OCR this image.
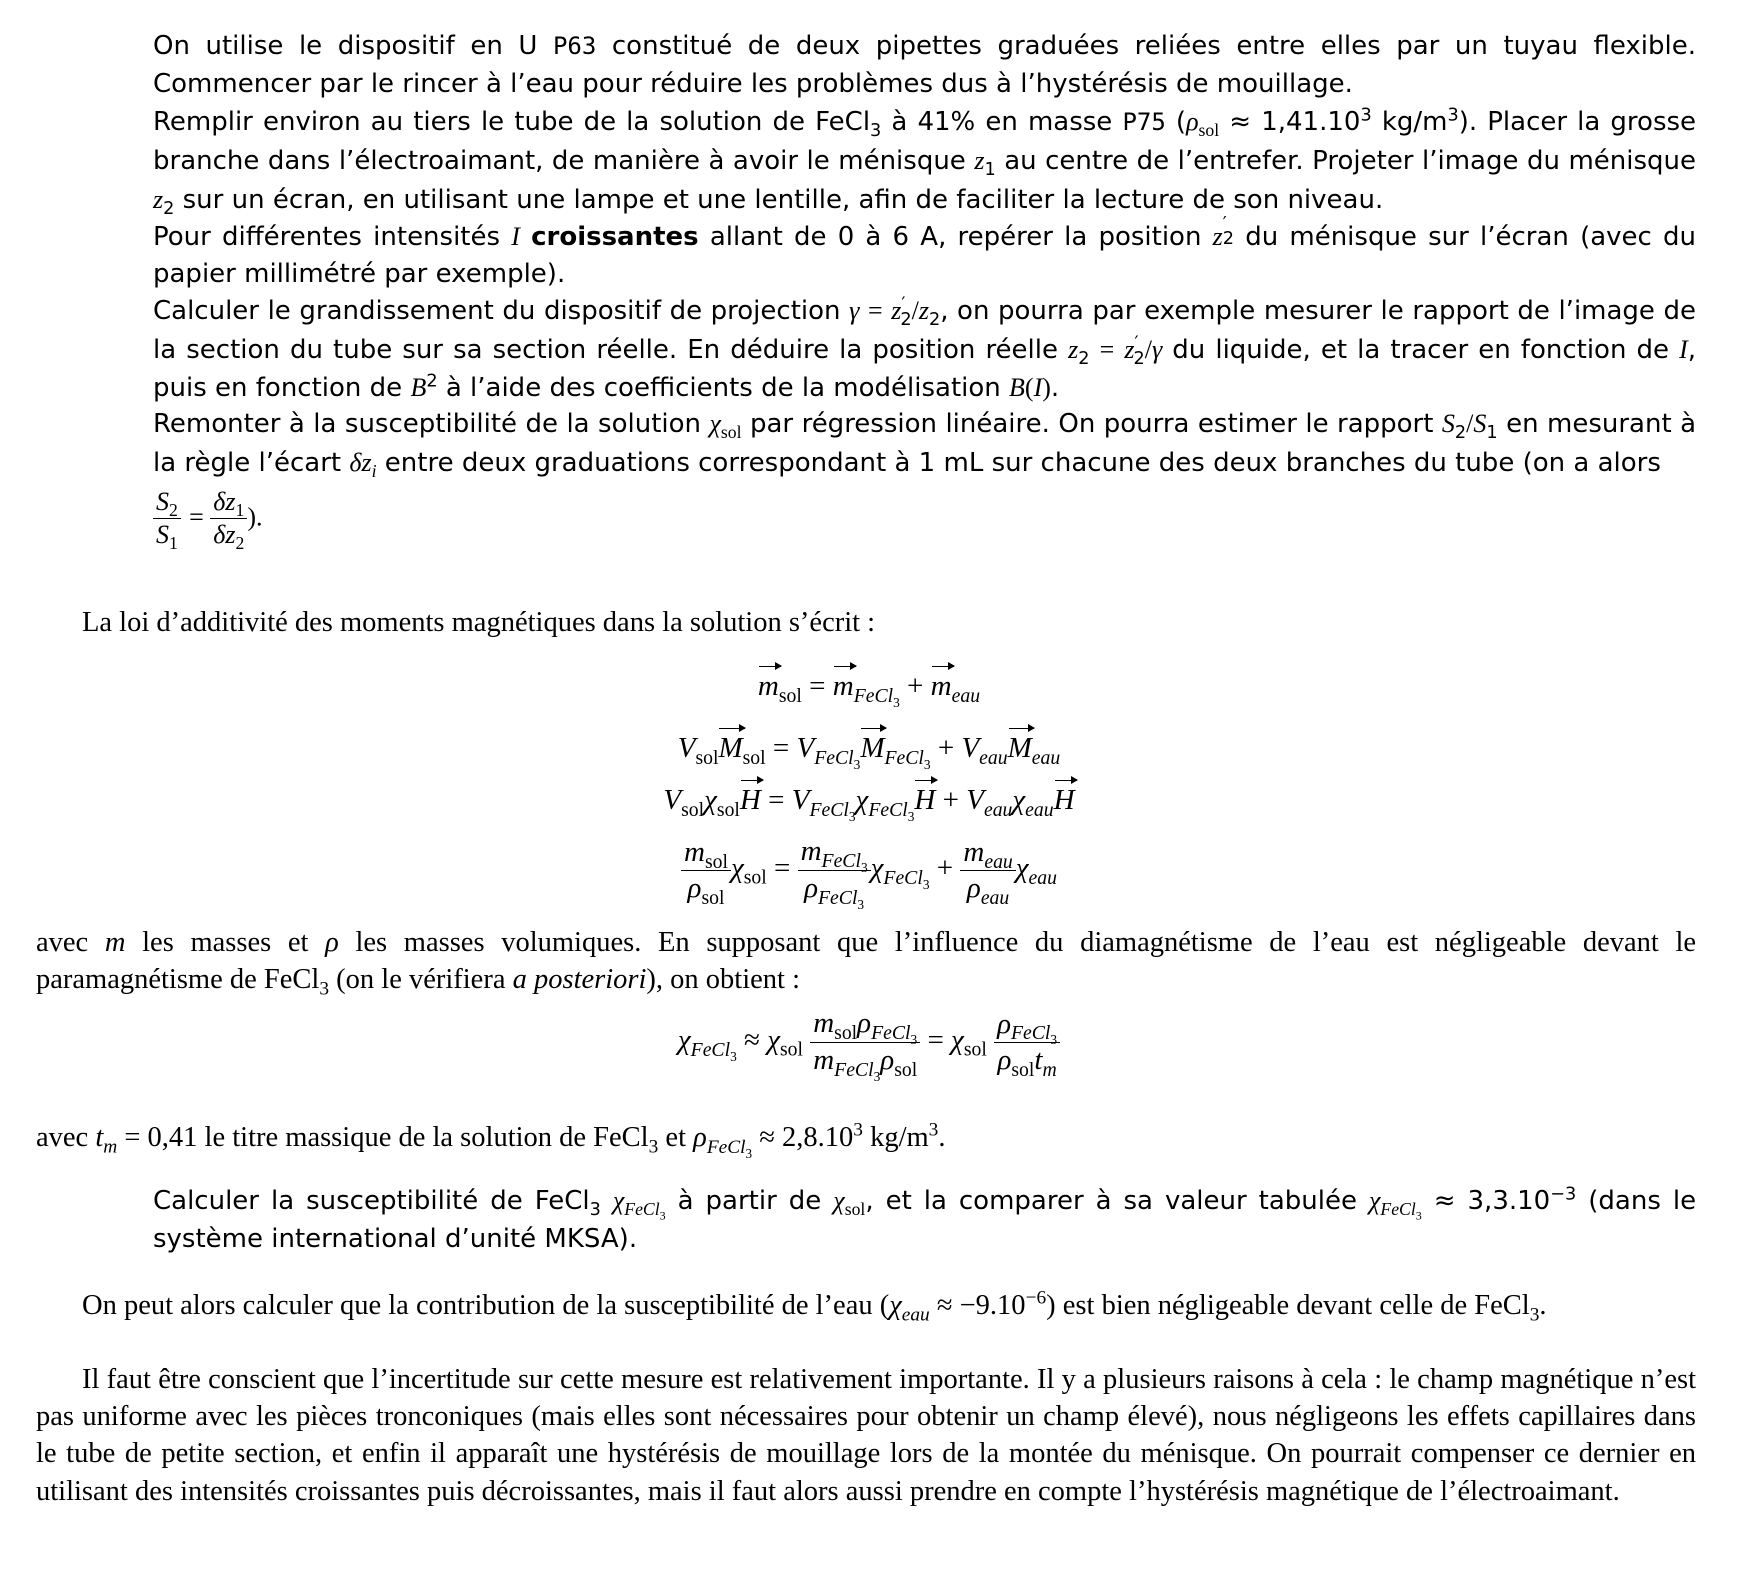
On utilise le dispositif en U P63 constitué de deux pipettes graduées reliées entre elles par un tuyau flexible. Commencer par le rincer à l’eau pour réduire les problèmes dus à l’hystérésis de mouillage.
Remplir environ au tiers le tube de la solution de FeCl$_3$ à 41% en masse P75 ($\rho_{sol} \approx 1,41.10^3$ $kg/m^3$). Placer la grosse branche dans l’électroaimant, de manière à avoir le ménisque $z_1$ au centre de l’entrefer. Projeter l’image du ménisque $z_2$ sur un écran, en utilisant une lampe et une lentille, afin de faciliter la lecture de son niveau.
Pour différentes intensités I croissantes allant de 0 à 6 A, repérer la position z ′
2 du ménisque sur l’écran (avec du papier millimétré par exemple).
Calculer le grandissement du dispositif de projection $\gamma = z'_2/z_2$, on pourra par exemple mesurer le rapport de l’image de la section du tube sur sa section réelle. En déduire la position réelle $z_2 = z'_2/\gamma$ du liquide, et la tracer en fonction de I, puis en fonction de $B^2$ à l’aide des coefficients de la modélisation B(I).
Remonter à la susceptibilité de la solution $\chi_{sol}$ par régression linéaire. On pourra estimer le rapport $S_2/S_1$ en mesurant à la règle l’écart $\delta z_i$ entre deux graduations correspondant à 1 mL sur chacune des deux branches du tube (on a alors

$\frac{S_2}{S_1} = \frac{\delta z_1}{\delta z_2}$ ).
La loi d’additivité des moments magnétiques dans la solution s’écrit :
$m_{sol} = m_{FeCl_3} + m_{eau}$
$V_{sol}M_{sol} = V_{FeCl_3}M_{FeCl_3} + V_{eau}M_{eau}$
$V_{sol}\chi_{sol}H = V_{FeCl_3}\chi_{FeCl_3}H + V_{eau}\chi_{eau}H$
$\frac{m_{sol}}{\rho_{sol}} \chi_{sol} = \frac{m_{FeCl_3}}{\rho_{FeCl_3}} \chi_{FeCl_3} + \frac{m_{eau}}{\rho_{eau}} \chi_{eau}$
avec m les masses et ρ les masses volumiques. En supposant que l’influence du diamagnétisme de l’eau est négligeable devant le paramagnétisme de FeCl$_3$ (on le vérifiera a posteriori), on obtient :
$\chi_{FeCl_3} \approx \chi_{sol} \frac{m_{sol}\rho_{FeCl_3}}{m_{FeCl_3}\rho_{sol}} = \chi_{sol} \frac{\rho_{FeCl_3}}{\rho_{sol}t_m}$
avec $t_m = 0,41$ le titre massique de la solution de FeCl$_3$ et $\rho_{FeCl_3} \approx 2,8.10^3$ $kg/m^3$.
Calculer la susceptibilité de FeCl$_3$ $\chi_{FeCl_3}$ à partir de $\chi_{sol}$, et la comparer à sa valeur tabulée $\chi_{FeCl_3} \approx 3,3.10^{-3}$ (dans le système international d’unité MKSA).
On peut alors calculer que la contribution de la susceptibilité de l’eau $(\chi_{eau} \approx -9.10^{-6})$ est bien négligeable devant celle de FeCl$_3$.
Il faut être conscient que l’incertitude sur cette mesure est relativement importante. Il y a plusieurs raisons à cela : le champ magnétique n’est pas uniforme avec les pièces tronconiques (mais elles sont nécessaires pour obtenir un champ élevé), nous négligeons les effets capillaires dans le tube de petite section, et enfin il apparaît une hystérésis de mouillage lors de la montée du ménisque. On pourrait compenser ce dernier en utilisant des intensités croissantes puis décroissantes, mais il faut alors aussi prendre en compte l’hystérésis magnétique de l’électroaimant.
